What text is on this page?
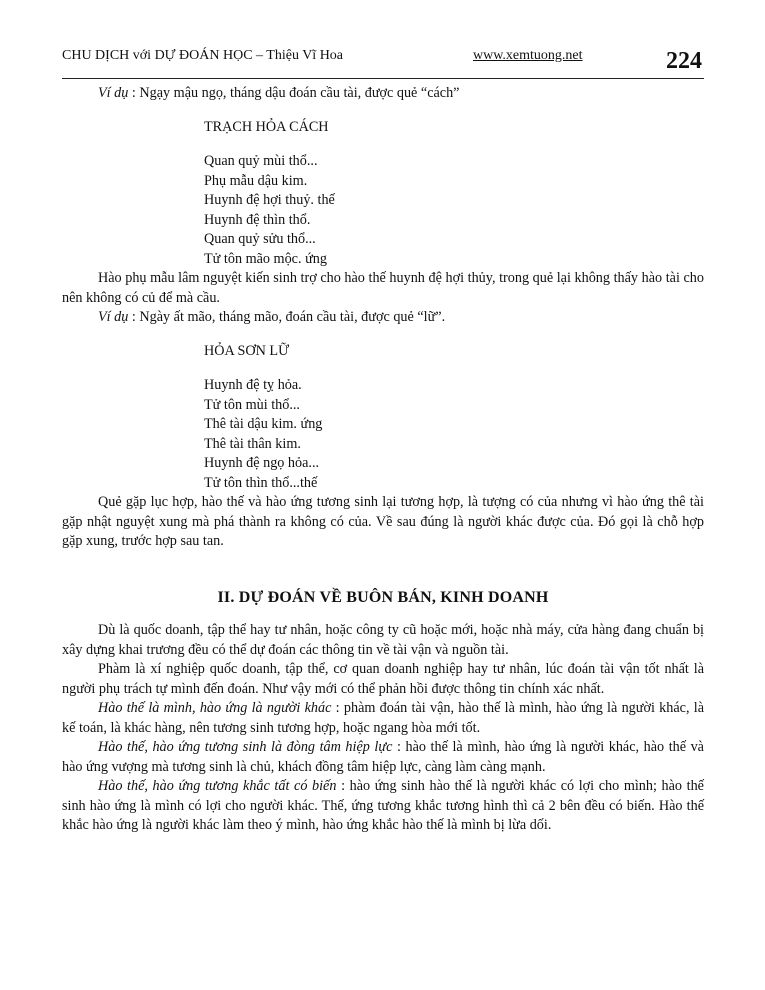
CHU DỊCH với DỰ ĐOÁN HỌC – Thiệu Vĩ Hoa	www.xemtuong.net	224

Ví dụ : Ngạy mậu ngọ, tháng dậu đoán cầu tài, được quẻ “cách”

TRẠCH HỎA CÁCH

Quan quỷ mùi thổ...

Phụ mẫu dậu kim.

Huynh đệ hợi thuỷ. thế

Huynh đệ thìn thổ.

Quan quỷ sửu thổ...

Tử tôn mão mộc. ứng

Hào phụ mẫu lâm nguyệt kiến sinh trợ cho hào thế huynh đệ hợi thủy, trong quẻ lại không thấy hào tài cho nên không có củ để mà cầu.

Ví dụ : Ngày ất mão, tháng mão, đoán cầu tài, được quẻ “lữ”.

HỎA SƠN LỮ

Huynh đệ tỵ hỏa.

Tử tôn mùi thổ...

Thê tài dậu kim. ứng

Thê tài thân kim.

Huynh đệ ngọ hỏa...

Tử tôn thìn thổ...thế

Quẻ gặp lục hợp, hào thế và hào ứng tương sinh lại tương hợp, là tượng có của nhưng vì hào ứng thê tài gặp nhật nguyệt xung mà phá thành ra không có của. Về sau đúng là người khác được của. Đó gọi là chỗ hợp gặp xung, trước hợp sau tan.

II. DỰ ĐOÁN VỀ BUÔN BÁN, KINH DOANH

Dù là quốc doanh, tập thể hay tư nhân, hoặc công ty cũ hoặc mới, hoặc nhà máy, cửa hàng đang chuẩn bị xây dựng khai trương đều có thể dự đoán các thông tin về tài vận và nguồn tài.

Phàm là xí nghiệp quốc doanh, tập thể, cơ quan doanh nghiệp hay tư nhân, lúc đoán tài vận tốt nhất là người phụ trách tự mình đến đoán. Như vậy mới có thể phản hồi được thông tin chính xác nhất.

Hào thế là mình, hào ứng là người khác : phàm đoán tài vận, hào thế là mình, hào ứng là người khác, là kế toán, là khác hàng, nên tương sinh tương hợp, hoặc ngang hòa mới tốt.

Hào thế, hào ứng tương sinh là đòng tâm hiệp lực : hào thế là mình, hào ứng là người khác, hào thế và hào ứng vượng mà tương sinh là chủ, khách đồng tâm hiệp lực, càng làm càng mạnh.

Hào thế, hào ứng tương khắc tất có biến : hào ứng sinh hào thế là người khác có lợi cho mình; hào thế sinh hào ứng là mình có lợi cho người khác. Thế, ứng tương khắc tương hình thì cả 2 bên đều có biến. Hào thế khắc hào ứng là người khác làm theo ý mình, hào ứng khắc hào thế là mình bị lừa dối.
